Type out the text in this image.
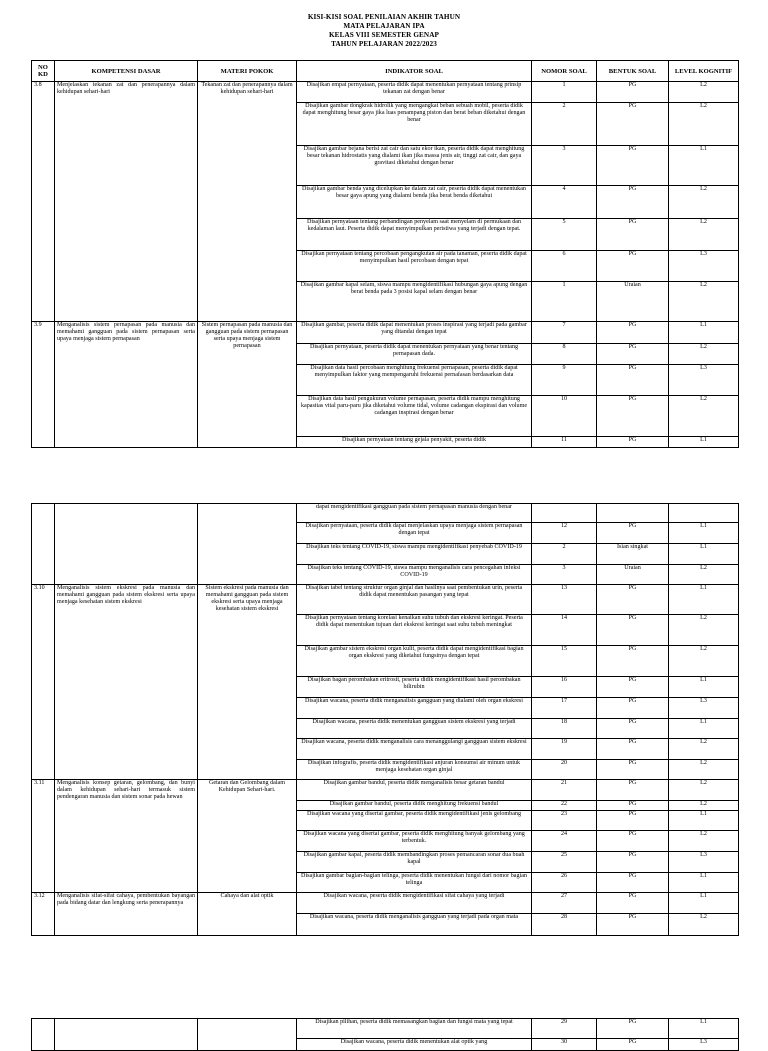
KISI-KISI SOAL PENILAIAN AKHIR TAHUN
MATA PELAJARAN IPA
KELAS VIII SEMESTER GENAP
TAHUN PELAJARAN 2022/2023
NO KD	KOMPETENSI DASAR	MATERI POKOK	INDIKATOR SOAL	NOMOR SOAL	BENTUK SOAL	LEVEL KOGNITIF
3.8	Menjelaskan tekanan zat dan penerapannya dalam kehidupan sehari-hari	Tekanan zat dan penerapannya dalam kehidupan sehari-hari	Disajikan empat pernyataan, peserta didik dapat menentukan pernyataan tentang prinsip tekanan zat dengan benar	1	PG	L2
			Disajikan gambar dongkrak hidrolik yang mengangkat beban sebuah mobil, peserta didik dapat menghitung besar gaya jika luas penampang piston dan berat beban diketahui dengan benar	2	PG	L2
			Disajikan gambar bejana berisi zat cair dan satu ekor ikan, peserta didik dapat menghitung besar tekanan hidrostatis yang dialami ikan jika massa jenis air, tinggi zat cair, dan gaya gravitasi diketahui dengan benar	3	PG	L1
			Disajikan gambar benda yang dicelupkan ke dalam zat cair, peserta didik dapat menentukan besar gaya apung yang dialami benda jika berat benda diketahui	4	PG	L2
			Disajikan pernyataan tentang perbandingan penyelam saat menyelam di permukaan dan kedalaman laut. Peserta didik dapat menyimpulkan peristiwa yang terjadi dengan tepat.	5	PG	L2
			Disajikan pernyataan tentang percobaan pengangkutan air pada tanaman, peserta didik dapat menyimpulkan hasil percobaan dengan tepat	6	PG	L3
			Disajikan gambar kapal selam, siswa mampu mengidentifikasi hubungan gaya apung dengan berat benda pada 3 posisi kapal selam dengan benar	1	Uraian	L2
3.9	Menganalisis sistem pernapasan pada manusia dan memahami gangguan pada sistem pernapasan serta upaya menjaga sistem pernapasan	Sistem pernapasan pada manusia dan gangguan pada sistem pernapasan serta upaya menjaga sistem pernapasan	Disajikan gambar, peserta didik dapat menentukan proses inspirasi yang terjadi pada gambar yang ditandai dengan tepat	7	PG	L1
			Disajikan pernyataan, peserta didik dapat menentukan pernyataan yang benar tentang pernapasan dada.	8	PG	L2
			Disajikan data hasil percobaan menghitung frekuensi pernapasan, peserta didik dapat menyimpulkan faktor yang mempengaruhi frekuensi pernafasan berdasarkan data	9	PG	L3
			Disajikan data hasil pengukuran volume pernapasan, peserta didik mampu menghitung kapasitas vital paru-paru jika diketahui volume tidal, volume cadangan ekspirasi dan volume cadangan inspirasi dengan benar	10	PG	L2
			Disajikan pernyataan tentang gejala penyakit, peserta didik	11	PG	L1
			dapat mengidentifikasi gangguan pada sistem pernapasan manusia dengan benar			
			Disajikan pernyataan, peserta didik dapat menjelaskan upaya menjaga sistem pernapasan dengan tepat	12	PG	L1
			Disajikan teks tentang COVID-19, siswa mampu mengidentifikasi penyebab COVID-19	2	Isian singkat	L1
			Disajikan teks tentang COVID-19, siswa mampu menganalisis cara pencegahan infeksi COVID-19	3	Uraian	L2
3.10	Menganalisis sistem ekskresi pada manusia dan memahami gangguan pada sistem ekskresi serta upaya menjaga kesehatan sistem ekskresi	Sistem ekskresi pada manusia dan memahami gangguan pada sistem ekskresi serta upaya menjaga kesehatan sistem ekskresi	Disajikan tabel tentang struktur organ ginjal dan hasilnya saat pembentukan urin, peserta didik dapat menentukan pasangan yang tepat	13	PG	L1
			Disajikan pernyataan tentang korelasi kenaikan suhu tubuh dan ekskresi keringat. Peserta didik dapat menentukan tujuan dari ekskresi keringat saat suhu tubuh meningkat	14	PG	L2
			Disajikan gambar sistem ekskresi organ kulit, peserta didik dapat mengidentifikasi bagian organ ekskresi yang diketahui fungsinya dengan tepat	15	PG	L2
			Disajikan bagan perombakan eritrosit, peserta didik mengidentifikasi hasil perombakan bilirubin	16	PG	L1
			Disajikan wacana, peserta didik menganalisis gangguan yang dialami oleh organ ekskresi	17	PG	L3
			Disajikan wacana, peserta didik menentukan gangguan sistem ekskresi yang terjadi	18	PG	L1
			Disajikan wacana, peserta didik menganalisis cara menanggulangi gangguan sistem ekskresi	19	PG	L2
			Disajikan infografis, peserta didik mengidentifikasi anjuran konsumsi air minum untuk menjaga kesehatan organ ginjal	20	PG	L2
3.11	Menganalisis konsep getaran, gelombang, dan bunyi dalam kehidupan sehari-hari termasuk sistem pendengaran manusia dan sistem sonar pada hewan	Getaran dan Gelombang dalam Kehidupan Sehari-hari.	Disajikan gambar bandul, peserta didik menganalisis besar getaran bandul	21	PG	L2
			Disajikan gambar bandul, peserta didik menghitung frekuensi bandul	22	PG	L2
			Disajikan wacana yang disertai gambar, peserta didik mengidentifikasi jenis gelombang	23	PG	L1
			Disajikan wacana yang disertai gambar, peserta didik menghitung banyak gelombang yang terbentuk.	24	PG	L2
			Disajikan gambar kapal, peserta didik membandingkan proses pemancaran sonar dua buah kapal	25	PG	L3
			Disajikan gambar bagian-bagian telinga, peserta didik menentukan fungsi dari nomor bagian telinga	26	PG	L1
3.12	Menganalisis sifat-sifat cahaya, pembentukan bayangan pada bidang datar dan lengkung serta penerapannya	Cahaya dan alat optik	Disajikan wacana, peserta didik mengidentifikasi sifat cahaya yang terjadi	27	PG	L1
			Disajikan wacana, peserta didik menganalisis gangguan yang terjadi pada organ mata	28	PG	L2
			Disajikan pilihan, peserta didik memasangkan bagian dan fungsi mata yang tepat	29	PG	L1
			Disajikan wacana, peserta didik menentukan alat optik yang	30	PG	L3
